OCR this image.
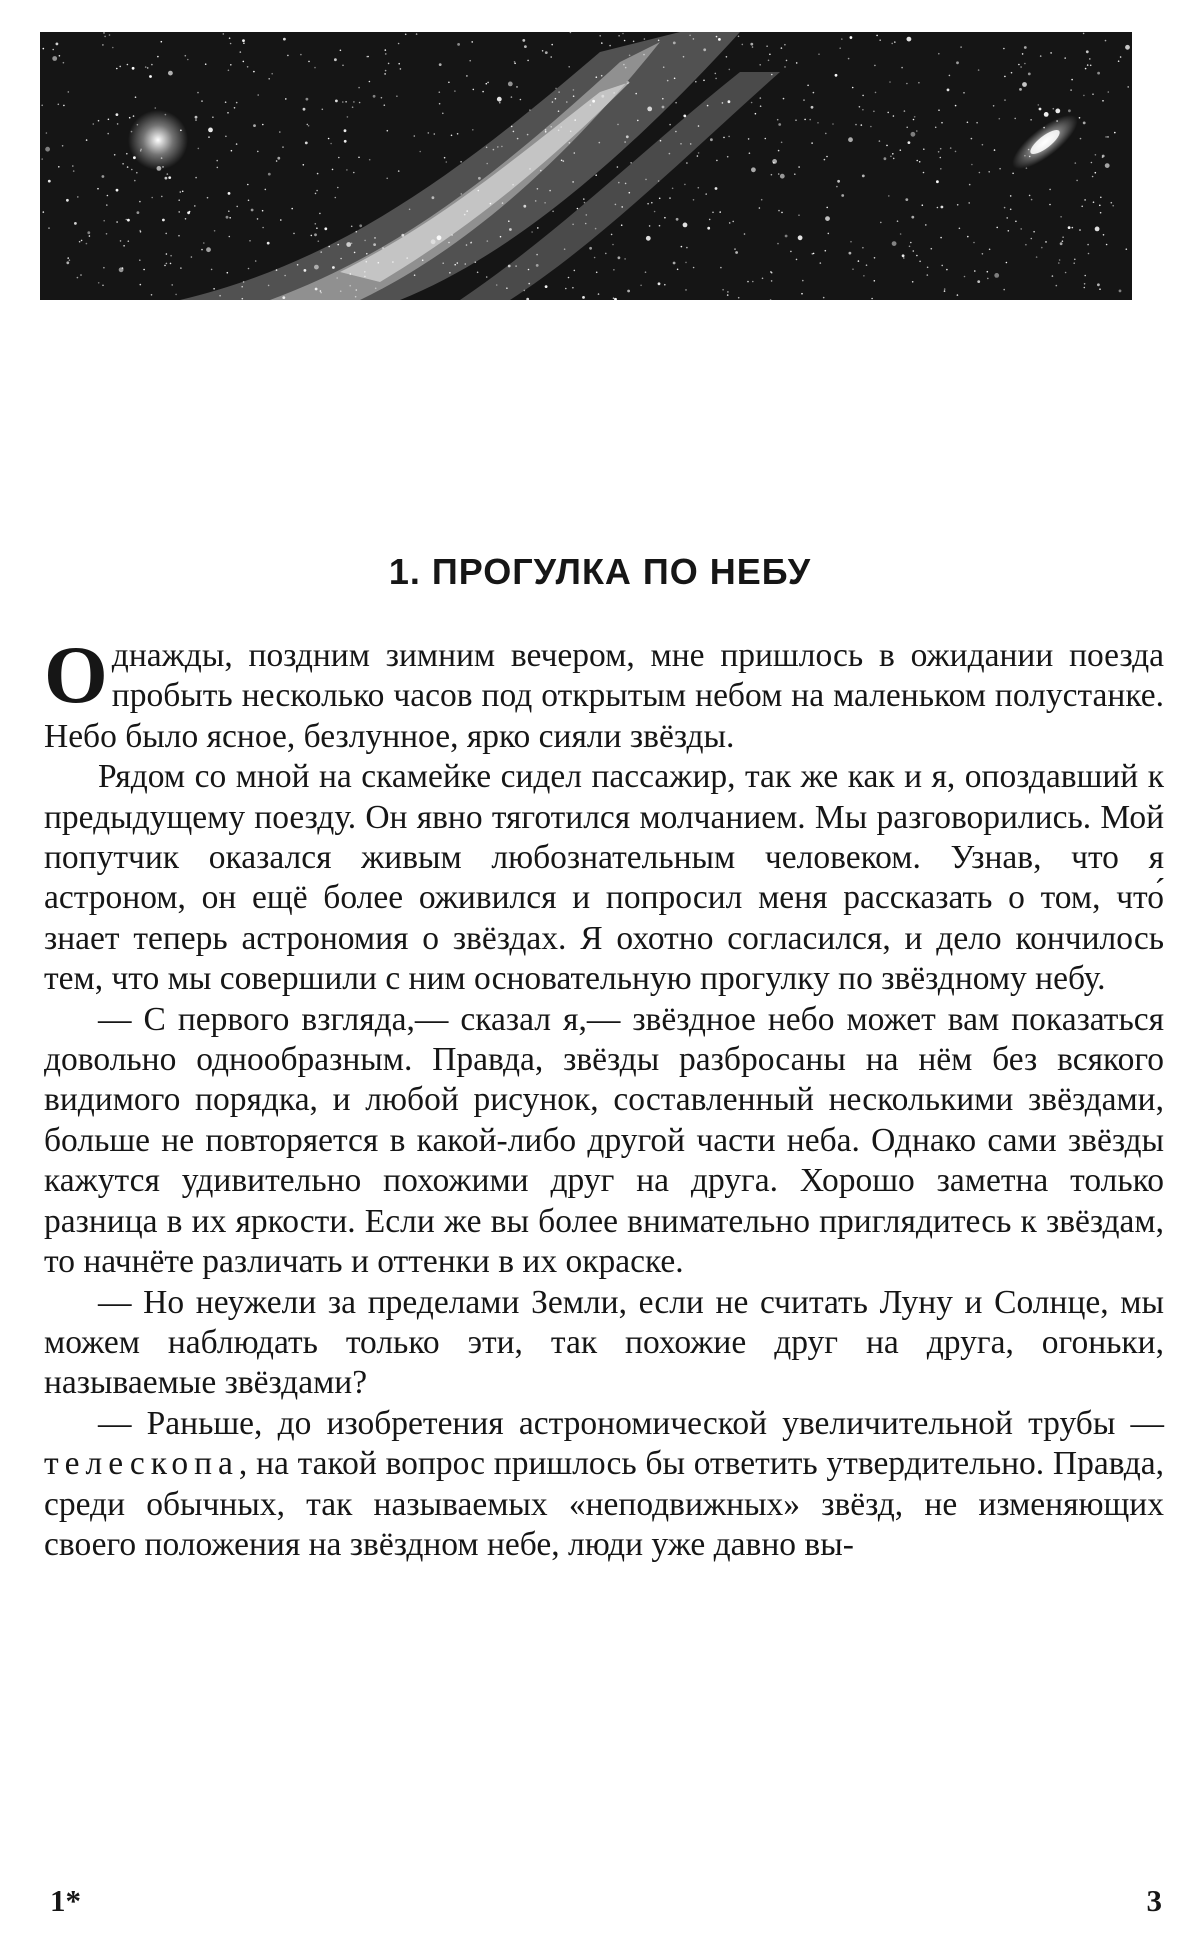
1. ПРОГУЛКА ПО НЕБУ

Однажды, поздним зимним вечером, мне пришлось в ожидании поезда пробыть несколько часов под открытым небом на маленьком полустанке. Небо было ясное, безлунное, ярко сияли звёзды.

Рядом со мной на скамейке сидел пассажир, так же как и я, опоздавший к предыдущему поезду. Он явно тяготился молчанием. Мы разговорились. Мой попутчик оказался живым любознательным человеком. Узнав, что я астроном, он ещё более оживился и попросил меня рассказать о том, что́ знает теперь астрономия о звёздах. Я охотно согласился, и дело кончилось тем, что мы совершили с ним основательную прогулку по звёздному небу.

— С первого взгляда,— сказал я,— звёздное небо может вам показаться довольно однообразным. Правда, звёзды разбросаны на нём без всякого видимого порядка, и любой рисунок, составленный несколькими звёздами, больше не повторяется в какой-либо другой части неба. Однако сами звёзды кажутся удивительно похожими друг на друга. Хорошо заметна только разница в их яркости. Если же вы более внимательно приглядитесь к звёздам, то начнёте различать и оттенки в их окраске.

— Но неужели за пределами Земли, если не считать Луну и Солнце, мы можем наблюдать только эти, так похожие друг на друга, огоньки, называемые звёздами?

— Раньше, до изобретения астрономической увеличительной трубы — телескопа, на такой вопрос пришлось бы ответить утвердительно. Правда, среди обычных, так называемых «неподвижных» звёзд, не изменяющих своего положения на звёздном небе, люди уже давно вы-

1*	3
